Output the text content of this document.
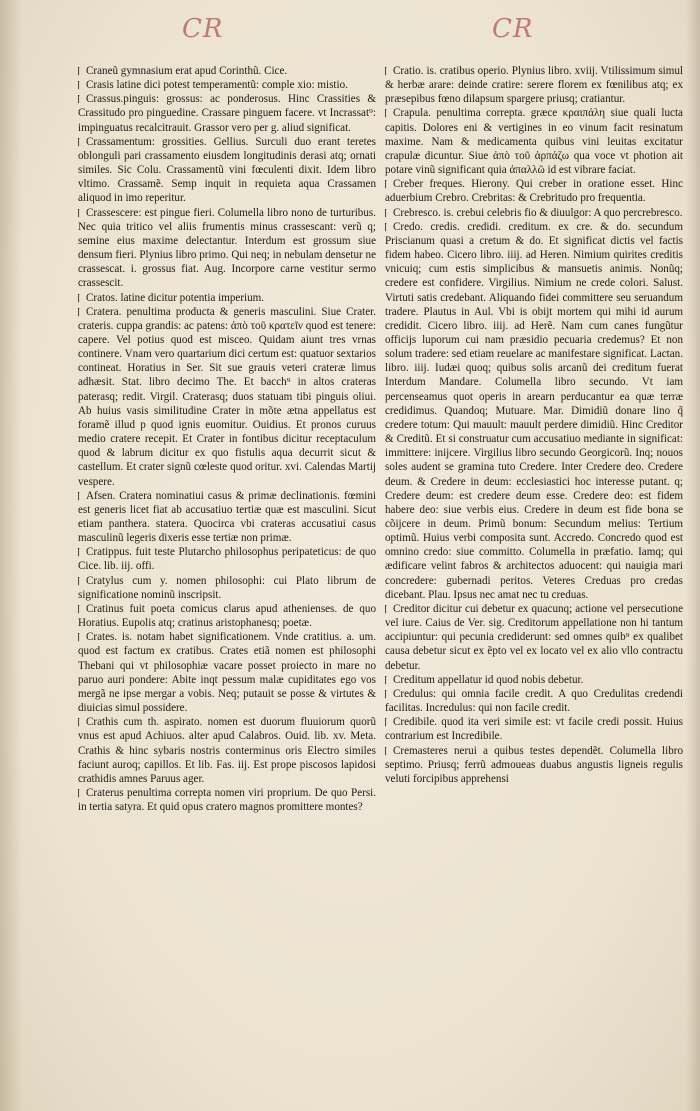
CR	CR

¶ Craneũ gymnasium erat apud Corinthũ. Cice.

¶ Crasis latine dici potest temperamentũ: comple xio: mistio.

¶ Crassus.pinguis: grossus: ac ponderosus. Hinc Crassities & Crassitudo pro pinguedine. Crassare pinguem facere. vt Incrassat⁹: impinguatus recalcitrauit. Grassor vero per g. aliud significat.

¶ Crassamentum: grossities. Gellius. Surculi duo erant teretes oblonguli pari crassamento eiusdem longitudinis derasi atq; ornati similes. Sic Colu. Crassamentũ vini fœculenti dixit. Idem libro vltimo. Crassamẽ. Semp inquit in requieta aqua Crassamen aliquod in imo reperitur.

¶ Crassescere: est pingue fieri. Columella libro nono de turturibus. Nec quia tritico vel aliis frumentis minus crassescant: verũ q; semine eius maxime delectantur. Interdum est grossum siue densum fieri. Plynius libro primo. Qui neq; in nebulam densetur ne crassescat. i. grossus fiat. Aug. Incorpore carne vestitur sermo crassescit.

¶ Cratos. latine dicitur potentia imperium.

¶ Cratera. penultima producta & generis masculini. Siue Crater. crateris. cuppa grandis: ac patens: ἀπὸ τοῦ κρατεῖν quod est tenere: capere. Vel potius quod est misceo. Quidam aiunt tres vrnas continere. Vnam vero quartarium dici certum est: quatuor sextarios contineat. Horatius in Ser. Sit sue grauis veteri crateræ limus adhæsit. Stat. libro decimo The. Et bacch⁹ in altos crateras paterasq; redit. Virgil. Craterasq; duos statuam tibi pinguis oliui. Ab huius vasis similitudine Crater in mõte ætna appellatus est foramẽ illud p quod ignis euomitur. Ouidius. Et pronos curuus medio cratere recepit. Et Crater in fontibus dicitur receptaculum quod & labrum dicitur ex quo fistulis aqua decurrit sicut & castellum. Et crater signũ cœleste quod oritur. xvi. Calendas Martij vespere.

¶ Afsen. Cratera nominatiui casus & primæ declinationis. fœmini est generis licet fiat ab accusatiuo tertiæ quæ est masculini. Sicut etiam panthera. statera. Quocirca vbi crateras accusatiui casus masculinũ legeris dixeris esse tertiæ non primæ.

¶ Cratippus. fuit teste Plutarcho philosophus peripateticus: de quo Cice. lib. iij. offi.

¶ Cratylus cum y. nomen philosophi: cui Plato librum de significatione nominũ inscripsit.

¶ Cratinus fuit poeta comicus clarus apud athenienses. de quo Horatius. Eupolis atq; cratinus aristophanesq; poetæ.

¶ Crates. is. notam habet significationem. Vnde cratitius. a. um. quod est factum ex cratibus. Crates etiã nomen est philosophi Thebani qui vt philosophiæ vacare posset proiecto in mare no paruo auri pondere: Abite inqt pessum malæ cupiditates ego vos mergã ne ipse mergar a vobis. Neq; putauit se posse & virtutes & diuicias simul possidere.

¶ Crathis cum th. aspirato. nomen est duorum fluuiorum quorũ vnus est apud Achiuos. alter apud Calabros. Ouid. lib. xv. Meta. Crathis & hinc sybaris nostris conterminus oris Electro similes faciunt auroq; capillos. Et lib. Fas. iij. Est prope piscosos lapidosi crathidis amnes Paruus ager.

¶ Craterus penultima correpta nomen viri proprium. De quo Persi. in tertia satyra. Et quid opus cratero magnos promittere montes?

¶ Cratio. is. cratibus operio. Plynius libro. xviij. Vtilissimum simul & herbæ arare: deinde cratire: serere florem ex fœnilibus atq; ex præsepibus fœno dilapsum spargere priusq; cratiantur.

¶ Crapula. penultima correpta. græce κραιπάλη siue quali lucta capitis. Dolores eni & vertigines in eo vinum facit resinatum maxime. Nam & medicamenta quibus vini leuitas excitatur crapulæ dicuntur. Siue ἀπὸ τοῦ ἁρπάζω qua voce vt photion ait potare vinũ significant quia ἁπαλλῶ id est vibrare faciat.

¶ Creber freques. Hierony. Qui creber in oratione esset. Hinc aduerbium Crebro. Crebritas: & Crebritudo pro frequentia.

¶ Crebresco. is. crebui celebris fio & diuulgor: A quo percrebresco.

¶ Credo. credis. credidi. creditum. ex cre. & do. secundum Priscianum quasi a cretum & do. Et significat dictis vel factis fidem habeo. Cicero libro. iiij. ad Heren. Nimium quirites creditis vnicuiq; cum estis simplicibus & mansuetis animis. Nonũq; credere est confidere. Virgilius. Nimium ne crede colori. Salust. Virtuti satis credebant. Aliquando fidei committere seu seruandum tradere. Plautus in Aul. Vbi is obijt mortem qui mihi id aurum credidit. Cicero libro. iiij. ad Herẽ. Nam cum canes fungũtur officijs luporum cui nam præsidio pecuaria credemus? Et non solum tradere: sed etiam reuelare ac manifestare significat. Lactan. libro. iiij. Iudæi quoq; quibus solis arcanũ dei creditum fuerat Interdum Mandare. Columella libro secundo. Vt iam percenseamus quot operis in arearn perducantur ea quæ terræ credidimus. Quandoq; Mutuare. Mar. Dimidiũ donare lino q̃ credere totum: Qui mauult: mauult perdere dimidiũ. Hinc Creditor & Creditũ. Et si construatur cum accusatiuo mediante in significat: immittere: inijcere. Virgilius libro secundo Georgicorũ. Inq; nouos soles audent se gramina tuto Credere. Inter Credere deo. Credere deum. & Credere in deum: ecclesiastici hoc interesse putant. q; Credere deum: est credere deum esse. Credere deo: est fidem habere deo: siue verbis eius. Credere in deum est fide bona se cõijcere in deum. Primũ bonum: Secundum melius: Tertium optimũ. Huius verbi composita sunt. Accredo. Concredo quod est omnino credo: siue committo. Columella in præfatio. Iamq; qui ædificare velint fabros & architectos aduocent: qui nauigia mari concredere: gubernadi peritos. Veteres Creduas pro credas dicebant. Plau. Ipsus nec amat nec tu creduas.

¶ Creditor dicitur cui debetur ex quacunq; actione vel persecutione vel iure. Caius de Ver. sig. Creditorum appellatione non hi tantum accipiuntur: qui pecunia crediderunt: sed omnes quib⁹ ex qualibet causa debetur sicut ex ẽpto vel ex locato vel ex alio vllo contractu debetur.

¶ Creditum appellatur id quod nobis debetur.

¶ Credulus: qui omnia facile credit. A quo Credulitas credendi facilitas. Incredulus: qui non facile credit.

¶ Credibile. quod ita veri simile est: vt facile credi possit. Huius contrarium est Incredibile.

¶ Cremasteres nerui a quibus testes dependẽt. Columella libro septimo. Priusq; ferrũ admoueas duabus angustis ligneis regulis veluti forcipibus apprehensi
